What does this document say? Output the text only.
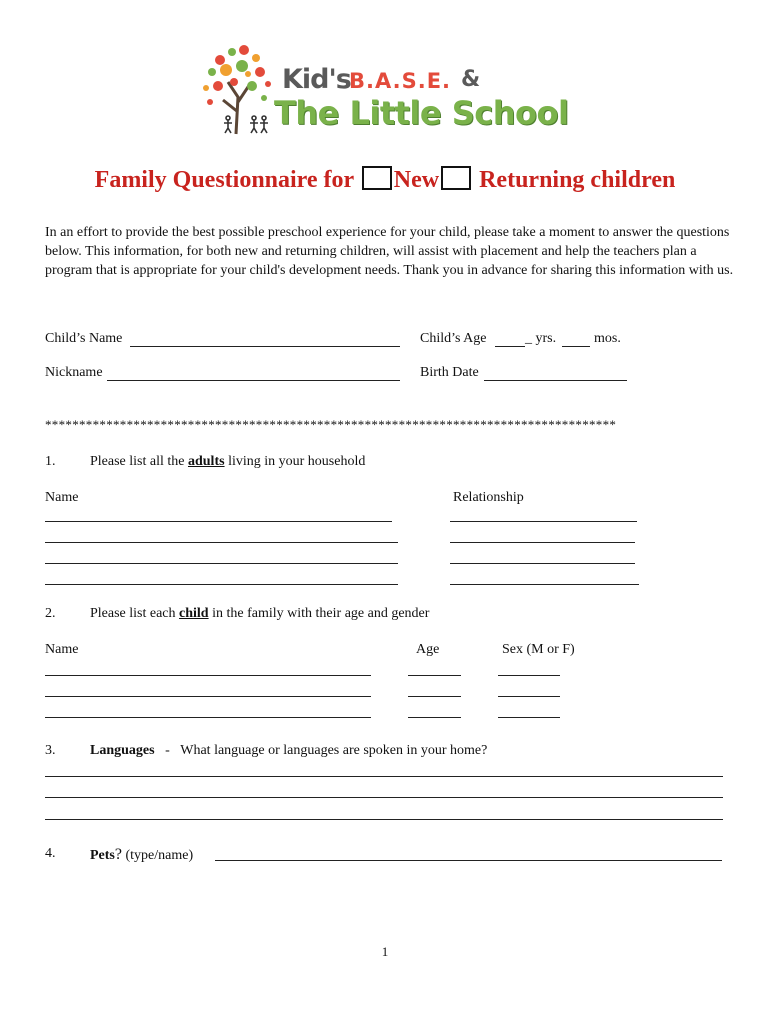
Kid's
B.A.S.E. &
The Little School
Family Questionnaire for New Returning children
In an effort to provide the best possible preschool experience for your child, please take a moment to answer the questions below. This information, for both new and returning children, will assist with placement and help the teachers plan a program that is appropriate for your child's development needs. Thank you in advance for sharing this information with us.
Child’s Name	Child’s Age	_ yrs.	mos.
Nickname	Birth Date
************************************************************************************
1. Please list all the adults living in your household
Name	Relationship
2. Please list each child in the family with their age and gender
Name	Age	Sex (M or F)
3. Languages - What language or languages are spoken in your home?
4. Pets? (type/name)
1
